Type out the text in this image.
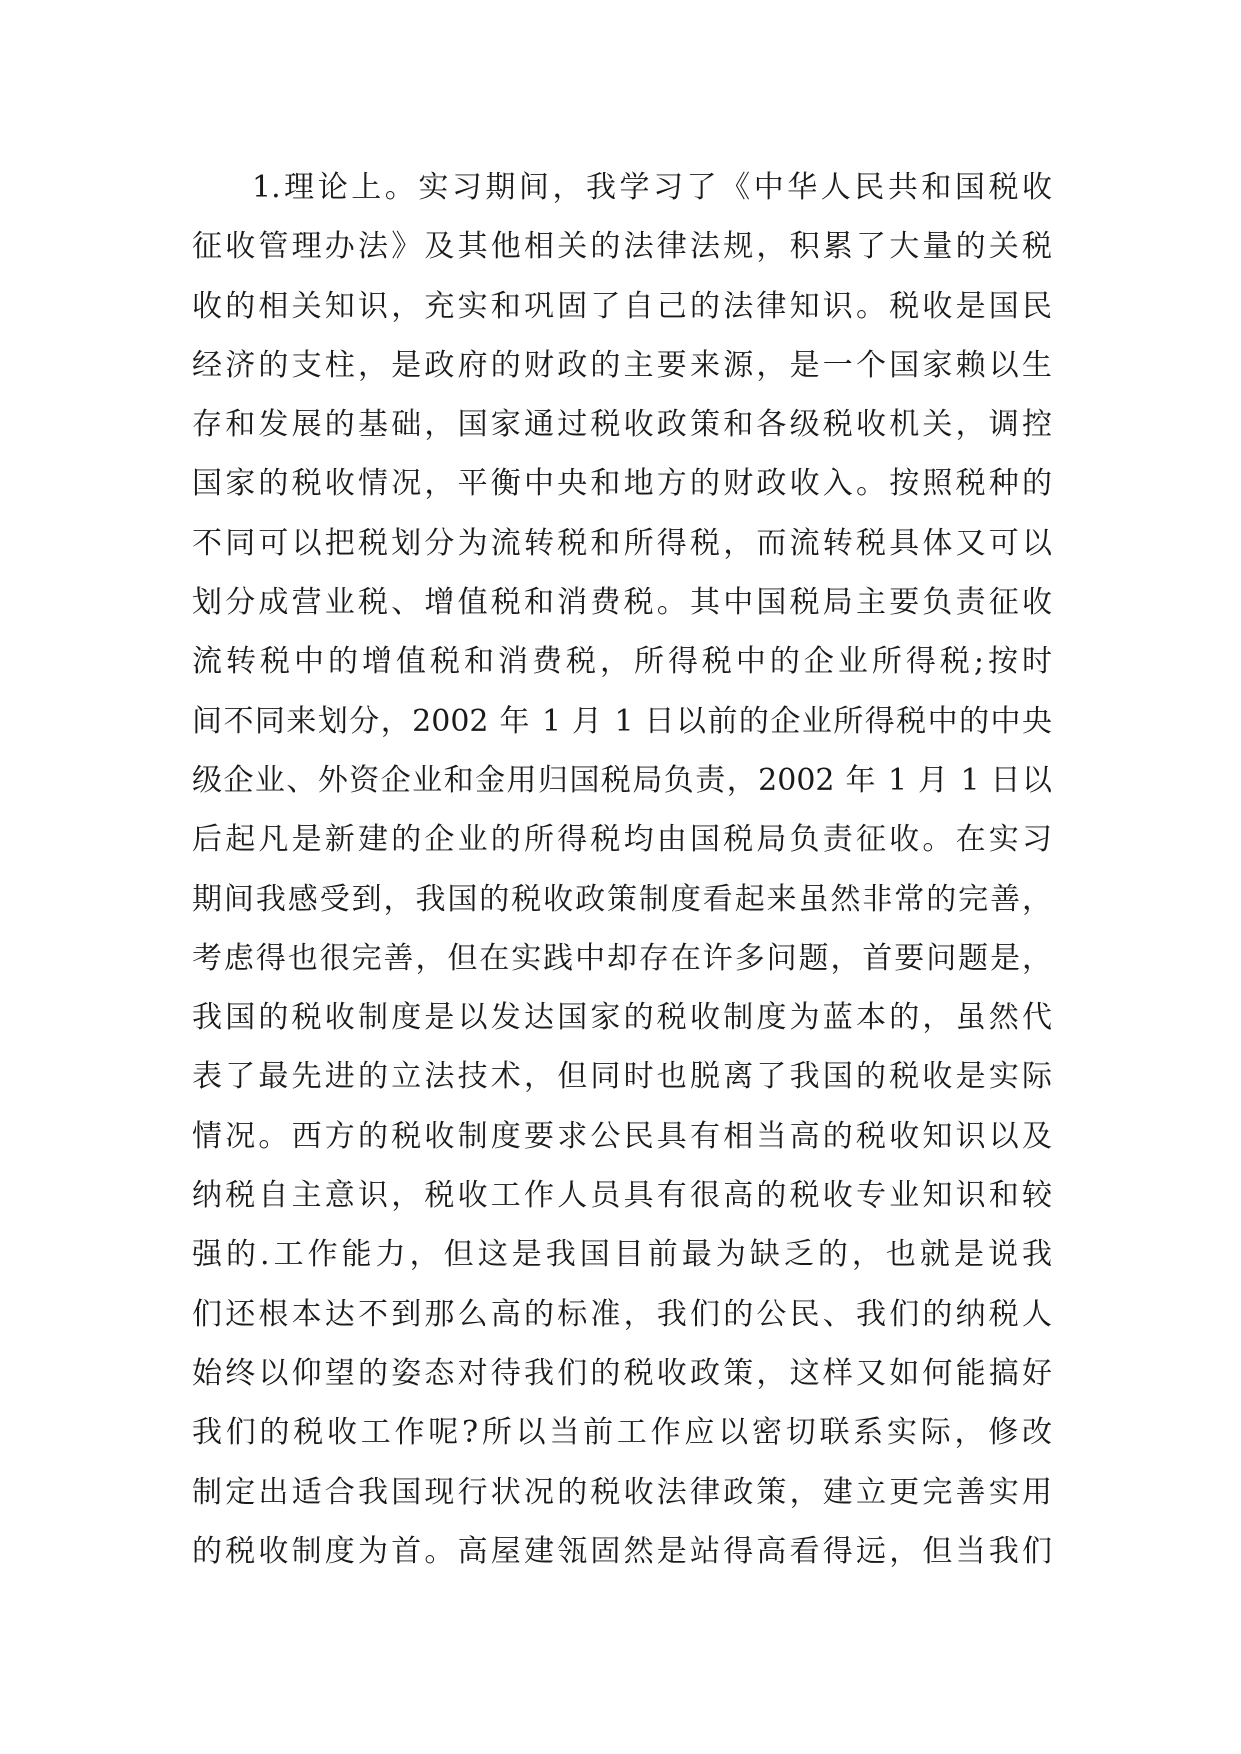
1.理论上。实习期间，我学习了《中华人民共和国税收
征收管理办法》及其他相关的法律法规，积累了大量的关税
收的相关知识，充实和巩固了自己的法律知识。税收是国民
经济的支柱，是政府的财政的主要来源，是一个国家赖以生
存和发展的基础，国家通过税收政策和各级税收机关，调控
国家的税收情况，平衡中央和地方的财政收入。按照税种的
不同可以把税划分为流转税和所得税，而流转税具体又可以
划分成营业税、增值税和消费税。其中国税局主要负责征收
流转税中的增值税和消费税，所得税中的企业所得税;按时
间不同来划分，2002 年 1 月 1 日以前的企业所得税中的中央
级企业、外资企业和金用归国税局负责，2002 年 1 月 1 日以
后起凡是新建的企业的所得税均由国税局负责征收。在实习
期间我感受到，我国的税收政策制度看起来虽然非常的完善，
考虑得也很完善，但在实践中却存在许多问题，首要问题是，
我国的税收制度是以发达国家的税收制度为蓝本的，虽然代
表了最先进的立法技术，但同时也脱离了我国的税收是实际
情况。西方的税收制度要求公民具有相当高的税收知识以及
纳税自主意识，税收工作人员具有很高的税收专业知识和较
强的.工作能力，但这是我国目前最为缺乏的，也就是说我
们还根本达不到那么高的标准，我们的公民、我们的纳税人
始终以仰望的姿态对待我们的税收政策，这样又如何能搞好
我们的税收工作呢?所以当前工作应以密切联系实际，修改
制定出适合我国现行状况的税收法律政策，建立更完善实用
的税收制度为首。高屋建瓴固然是站得高看得远，但当我们
